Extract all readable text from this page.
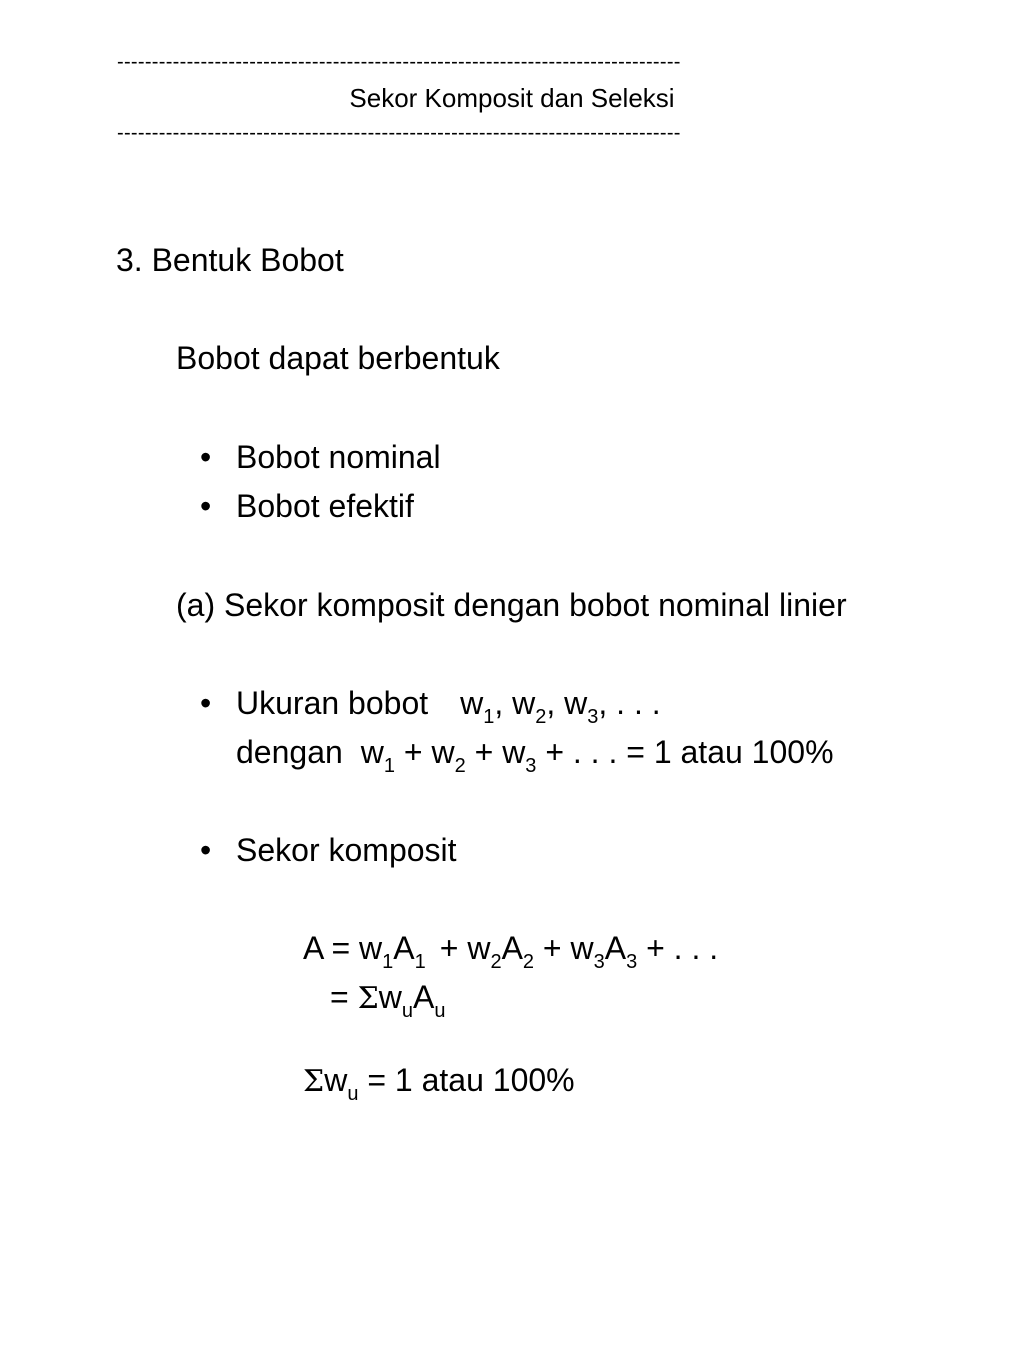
---------------------------------------------------------------------------------
Sekor Komposit dan Seleksi
---------------------------------------------------------------------------------
3. Bentuk Bobot
Bobot dapat berbentuk
• Bobot nominal
• Bobot efektif
(a) Sekor komposit dengan bobot nominal linier
• Ukuran bobot $w_1$, $w_2$, $w_3$, . . .
dengan $w_1 + w_2 + w_3$ + . . . = 1 atau 100%
• Sekor komposit
$A = w_1A_1 + w_2A_2 + w_3A_3$ + . . .
= $\Sigma w_uA_u$
$\Sigma w_u = 1$ atau 100%
